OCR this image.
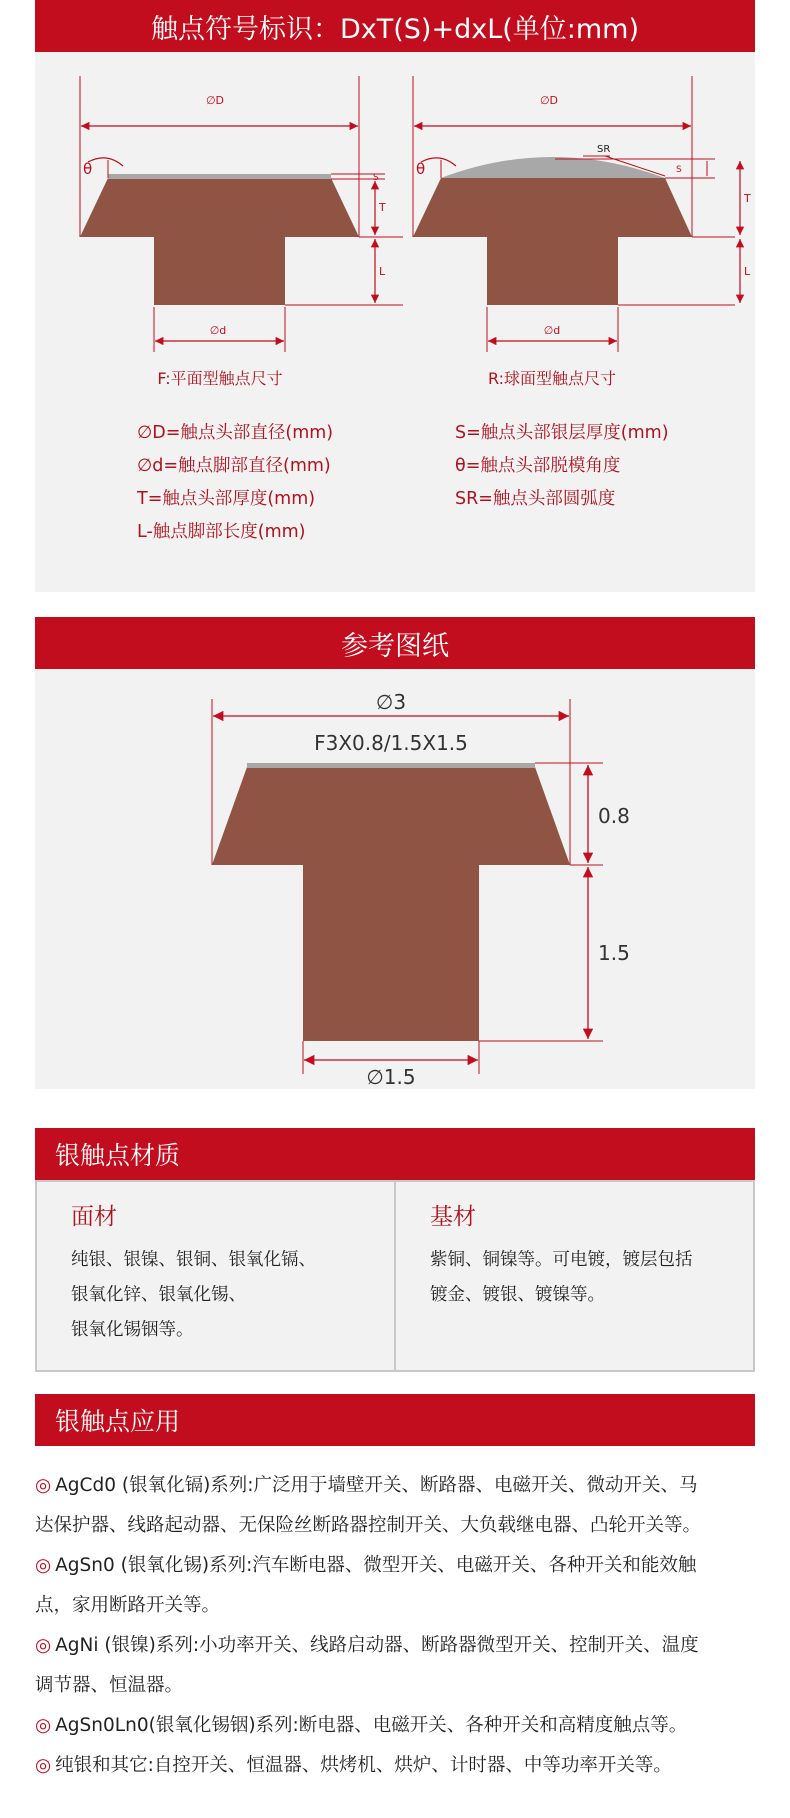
触点符号标识：DxT(S)+dxL(单位:mm)
∅D
∅d
θ	S
T
L
∅D
∅d
θ
SR
S
T
L
F:平面型触点尺寸	R:球面型触点尺寸
∅D=触点头部直径(mm)
∅d=触点脚部直径(mm)
T=触点头部厚度(mm)
L-触点脚部长度(mm)
S=触点头部银层厚度(mm)
θ=触点头部脱模角度
SR=触点头部圆弧度
参考图纸
∅3
F3X0.8/1.5X1.5
0.8
1.5
∅1.5
银触点材质
面材
纯银、银镍、银铜、银氧化镉、
银氧化锌、银氧化锡、
银氧化锡铟等。
基材
紫铜、铜镍等。可电镀，镀层包括
镀金、镀银、镀镍等。
银触点应用
◎ AgCd0 (银氧化镉)系列:广泛用于墙壁开关、断路器、电磁开关、微动开关、马
达保护器、线路起动器、无保险丝断路器控制开关、大负载继电器、凸轮开关等。
◎ AgSn0 (银氧化锡)系列:汽车断电器、微型开关、电磁开关、各种开关和能效触
点，家用断路开关等。
◎ AgNi (银镍)系列:小功率开关、线路启动器、断路器微型开关、控制开关、温度
调节器、恒温器。
◎ AgSn0Ln0(银氧化锡铟)系列:断电器、电磁开关、各种开关和高精度触点等。
◎ 纯银和其它:自控开关、恒温器、烘烤机、烘炉、计时器、中等功率开关等。
